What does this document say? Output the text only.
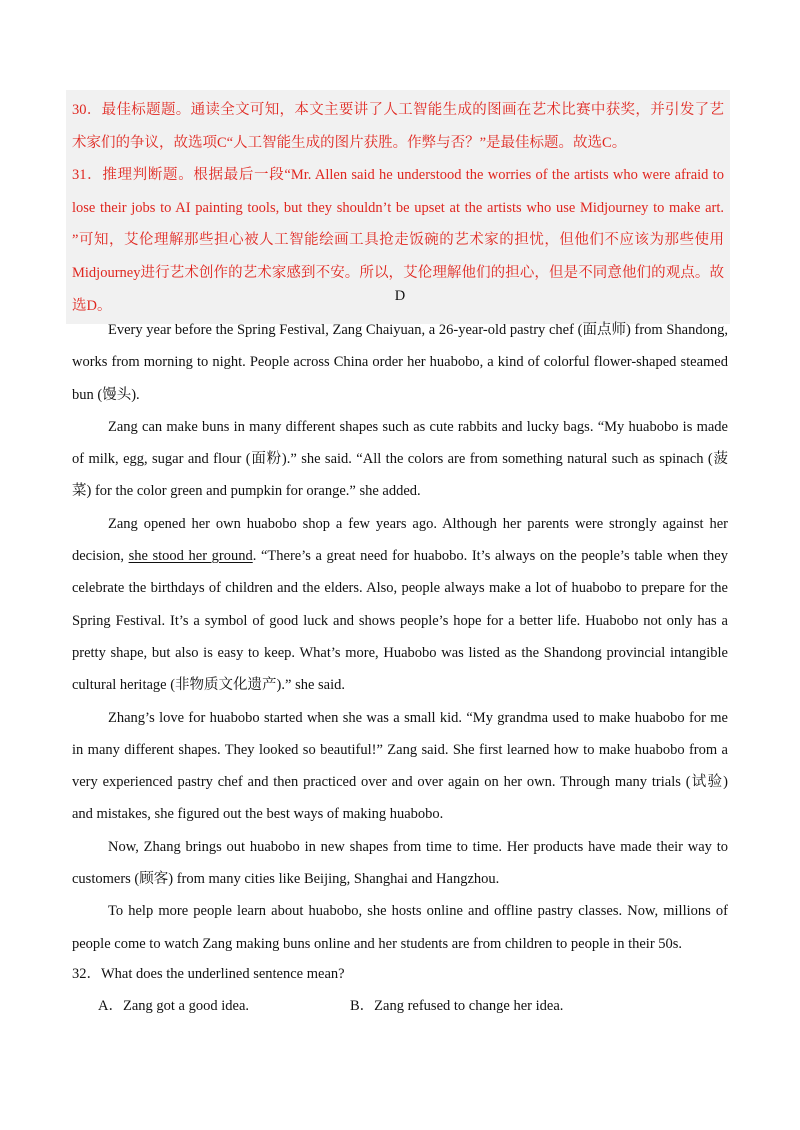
30．最佳标题题。通读全文可知，本文主要讲了人工智能生成的图画在艺术比赛中获奖，并引发了艺术家们的争议，故选项C“人工智能生成的图片获胜。作弊与否？”是最佳标题。故选C。

31．推理判断题。根据最后一段“Mr. Allen said he understood the worries of the artists who were afraid to lose their jobs to AI painting tools, but they shouldn’t be upset at the artists who use Midjourney to make art. ”可知，艾伦理解那些担心被人工智能绘画工具抢走饭碗的艺术家的担忧，但他们不应该为那些使用Midjourney进行艺术创作的艺术家感到不安。所以，艾伦理解他们的担心，但是不同意他们的观点。故选D。

D

Every year before the Spring Festival, Zang Chaiyuan, a 26-year-old pastry chef (面点师) from Shandong, works from morning to night. People across China order her huabobo, a kind of colorful flower-shaped steamed bun (馒头).

Zang can make buns in many different shapes such as cute rabbits and lucky bags. “My huabobo is made of milk, egg, sugar and flour (面粉).” she said. “All the colors are from something natural such as spinach (菠菜) for the color green and pumpkin for orange.” she added.

Zang opened her own huabobo shop a few years ago. Although her parents were strongly against her decision, she stood her ground. “There’s a great need for huabobo. It’s always on the people’s table when they celebrate the birthdays of children and the elders. Also, people always make a lot of huabobo to prepare for the Spring Festival. It’s a symbol of good luck and shows people’s hope for a better life. Huabobo not only has a pretty shape, but also is easy to keep. What’s more, Huabobo was listed as the Shandong provincial intangible cultural heritage (非物质文化遗产).” she said.

Zhang’s love for huabobo started when she was a small kid. “My grandma used to make huabobo for me in many different shapes. They looked so beautiful!” Zang said. She first learned how to make huabobo from a very experienced pastry chef and then practiced over and over again on her own. Through many trials (试验) and mistakes, she figured out the best ways of making huabobo.

Now, Zhang brings out huabobo in new shapes from time to time. Her products have made their way to customers (顾客) from many cities like Beijing, Shanghai and Hangzhou.

To help more people learn about huabobo, she hosts online and offline pastry classes. Now, millions of people come to watch Zang making buns online and her students are from children to people in their 50s.

32．What does the underlined sentence mean?

A．Zang got a good idea.	B．Zang refused to change her idea.
